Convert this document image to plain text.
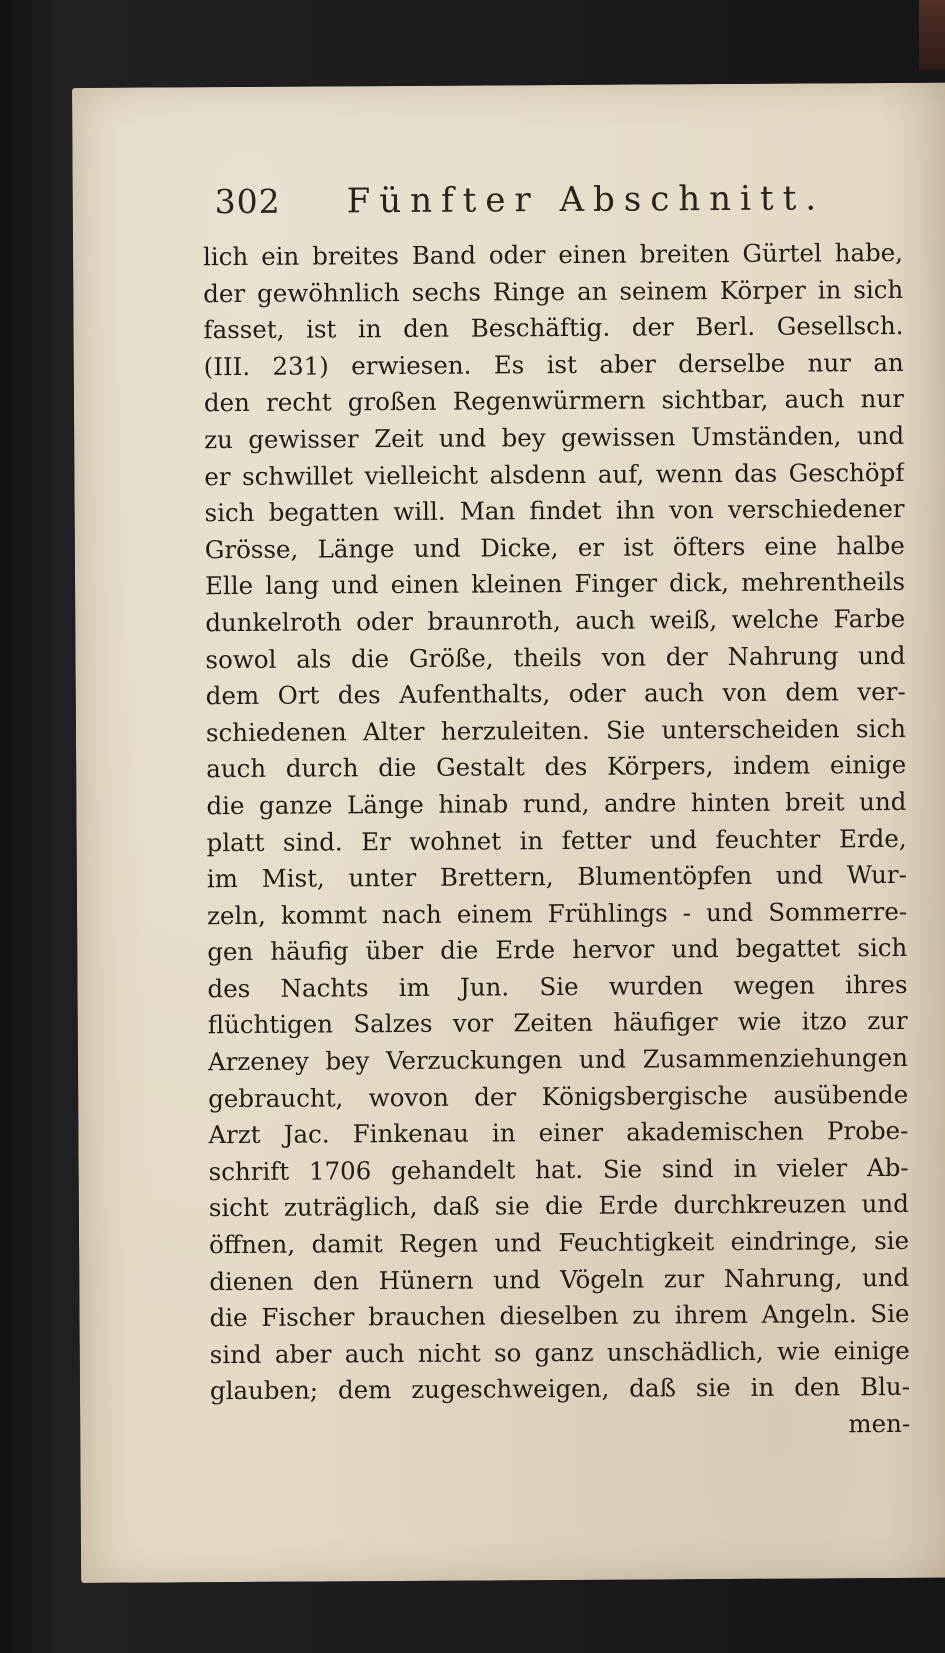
302 Fünfter Abschnitt.
lich ein breites Band oder einen breiten Gürtel habe,
der gewöhnlich sechs Ringe an seinem Körper in sich
fasset, ist in den Beschäftig. der Berl. Gesellsch.
(III. 231) erwiesen. Es ist aber derselbe nur an
den recht großen Regenwürmern sichtbar, auch nur
zu gewisser Zeit und bey gewissen Umständen, und
er schwillet vielleicht alsdenn auf, wenn das Geschöpf
sich begatten will. Man findet ihn von verschiedener
Grösse, Länge und Dicke, er ist öfters eine halbe
Elle lang und einen kleinen Finger dick, mehrentheils
dunkelroth oder braunroth, auch weiß, welche Farbe
sowol als die Größe, theils von der Nahrung und
dem Ort des Aufenthalts, oder auch von dem ver-
schiedenen Alter herzuleiten. Sie unterscheiden sich
auch durch die Gestalt des Körpers, indem einige
die ganze Länge hinab rund, andre hinten breit und
platt sind. Er wohnet in fetter und feuchter Erde,
im Mist, unter Brettern, Blumentöpfen und Wur-
zeln, kommt nach einem Frühlings - und Sommerre-
gen häufig über die Erde hervor und begattet sich
des Nachts im Jun. Sie wurden wegen ihres
flüchtigen Salzes vor Zeiten häufiger wie itzo zur
Arzeney bey Verzuckungen und Zusammenziehungen
gebraucht, wovon der Königsbergische ausübende
Arzt Jac. Finkenau in einer akademischen Probe-
schrift 1706 gehandelt hat. Sie sind in vieler Ab-
sicht zuträglich, daß sie die Erde durchkreuzen und
öffnen, damit Regen und Feuchtigkeit eindringe, sie
dienen den Hünern und Vögeln zur Nahrung, und
die Fischer brauchen dieselben zu ihrem Angeln. Sie
sind aber auch nicht so ganz unschädlich, wie einige
glauben; dem zugeschweigen, daß sie in den Blu-
men-
